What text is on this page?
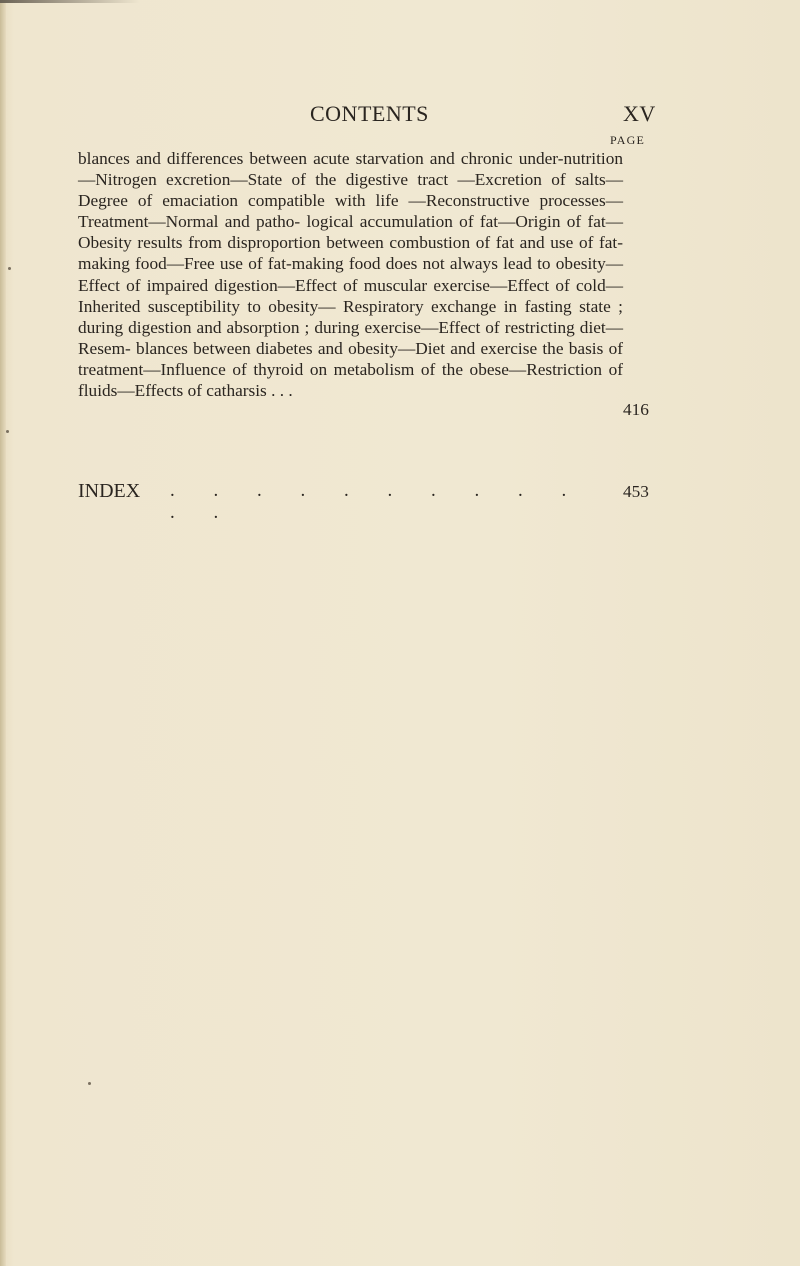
CONTENTS	XV
PAGE
blances and differences between acute starvation and chronic under-nutrition—Nitrogen excretion—State of the digestive tract —Excretion of salts—Degree of emaciation compatible with life —Reconstructive processes—Treatment—Normal and patho- logical accumulation of fat—Origin of fat—Obesity results from disproportion between combustion of fat and use of fat-making food—Free use of fat-making food does not always lead to obesity—Effect of impaired digestion—Effect of muscular exercise—Effect of cold—Inherited susceptibility to obesity— Respiratory exchange in fasting state ; during digestion and absorption ; during exercise—Effect of restricting diet—Resem- blances between diabetes and obesity—Diet and exercise the basis of treatment—Influence of thyroid on metabolism of the obese—Restriction of fluids—Effects of catharsis . . .
416
INDEX . . . . . . . . . . . .
453
